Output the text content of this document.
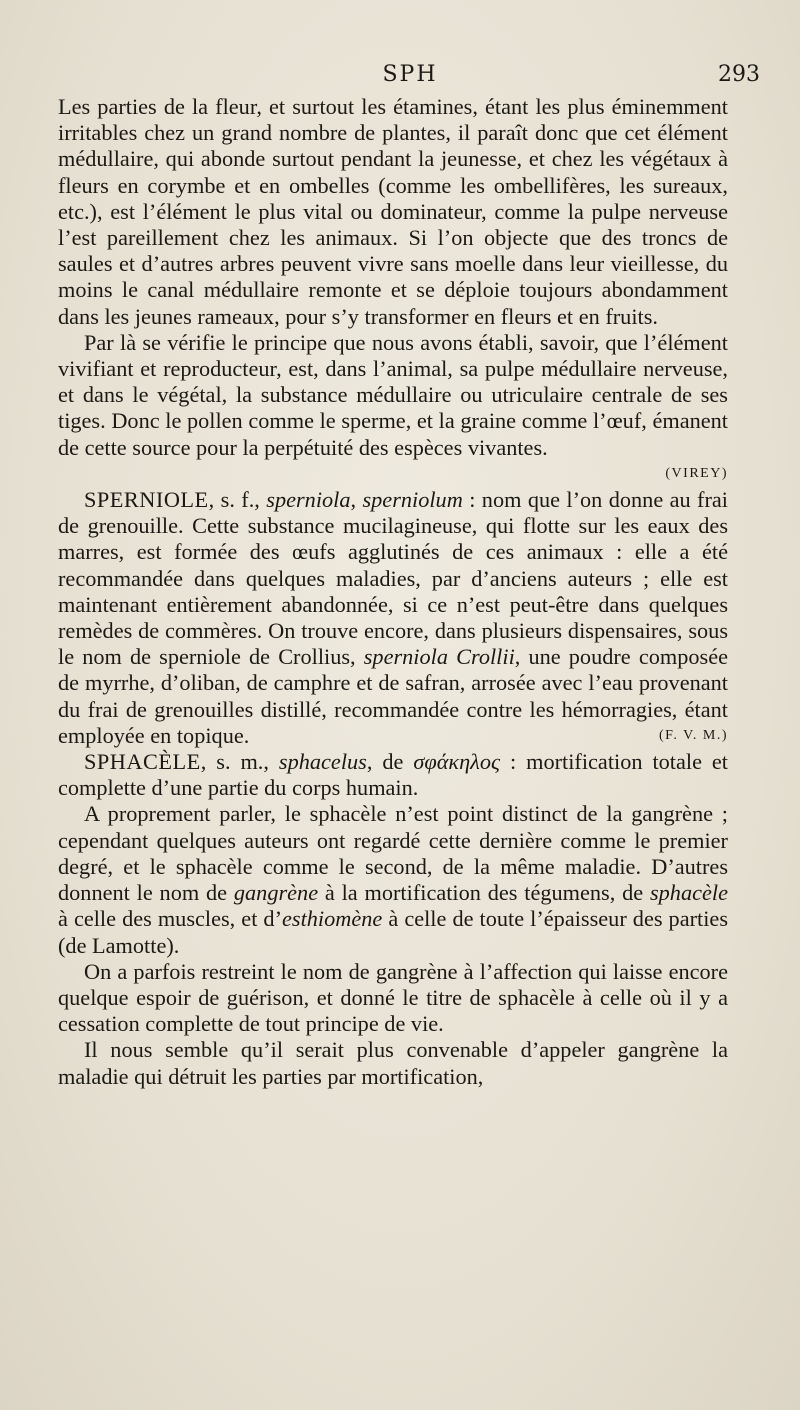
SPH	293

Les parties de la fleur, et surtout les étamines, étant les plus éminemment irritables chez un grand nombre de plantes, il paraît donc que cet élément médullaire, qui abonde surtout pendant la jeunesse, et chez les végétaux à fleurs en corymbe et en ombelles (comme les ombellifères, les sureaux, etc.), est l’élément le plus vital ou dominateur, comme la pulpe nerveuse l’est pareillement chez les animaux. Si l’on objecte que des troncs de saules et d’autres arbres peuvent vivre sans moelle dans leur vieillesse, du moins le canal médullaire remonte et se déploie toujours abondamment dans les jeunes rameaux, pour s’y transformer en fleurs et en fruits.

Par là se vérifie le principe que nous avons établi, savoir, que l’élément vivifiant et reproducteur, est, dans l’animal, sa pulpe médullaire nerveuse, et dans le végétal, la substance médullaire ou utriculaire centrale de ses tiges. Donc le pollen comme le sperme, et la graine comme l’œuf, émanent de cette source pour la perpétuité des espèces vivantes.

(VIREY)

SPERNIOLE, s. f., sperniola, sperniolum : nom que l’on donne au frai de grenouille. Cette substance mucilagineuse, qui flotte sur les eaux des marres, est formée des œufs agglutinés de ces animaux : elle a été recommandée dans quelques maladies, par d’anciens auteurs ; elle est maintenant entièrement abandonnée, si ce n’est peut-être dans quelques remèdes de commères. On trouve encore, dans plusieurs dispensaires, sous le nom de sperniole de Crollius, sperniola Crollii, une poudre composée de myrrhe, d’oliban, de camphre et de safran, arrosée avec l’eau provenant du frai de grenouilles distillé, recommandée contre les hémorragies, étant employée en topique.	(F. V. M.)

SPHACÈLE, s. m., sphacelus, de σφάκηλος : mortification totale et complette d’une partie du corps humain.

A proprement parler, le sphacèle n’est point distinct de la gangrène ; cependant quelques auteurs ont regardé cette dernière comme le premier degré, et le sphacèle comme le second, de la même maladie. D’autres donnent le nom de gangrène à la mortification des tégumens, de sphacèle à celle des muscles, et d’esthiomène à celle de toute l’épaisseur des parties (de Lamotte).

On a parfois restreint le nom de gangrène à l’affection qui laisse encore quelque espoir de guérison, et donné le titre de sphacèle à celle où il y a cessation complette de tout principe de vie.

Il nous semble qu’il serait plus convenable d’appeler gangrène la maladie qui détruit les parties par mortification,
